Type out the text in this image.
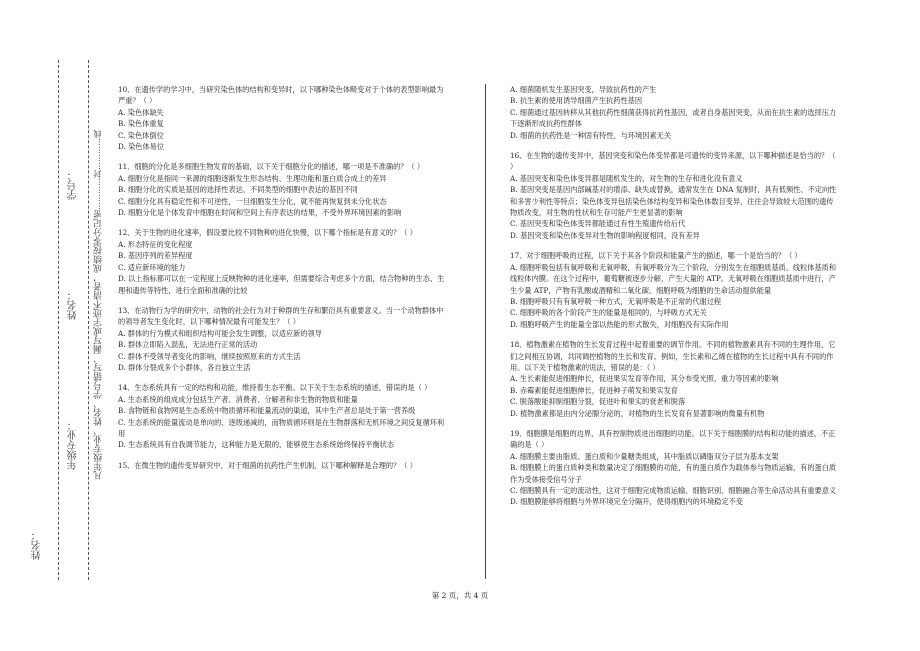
姓名：
年级专业：
姓名：
学号：
凡年级专业、姓名、学号错写、漏写或字迹不清者，成绩按零分记。
密…………封…………线

10、在遗传学的学习中，当研究染色体的结构和变异时，以下哪种染色体畸变对于个体的表型影响最为严重？（ ）

A. 染色体缺失

B. 染色体重复

C. 染色体倒位

D. 染色体易位

11、细胞的分化是多细胞生物发育的基础，以下关于细胞分化的描述，哪一项是不准确的？（ ）

A. 细胞分化是指同一来源的细胞逐渐发生形态结构、生理功能和蛋白质合成上的差异

B. 细胞分化的实质是基因的选择性表达，不同类型的细胞中表达的基因不同

C. 细胞分化具有稳定性和不可逆性，一旦细胞发生分化，就不能再恢复到未分化状态

D. 细胞分化是个体发育中细胞在时间和空间上有序表达的结果，不受外界环境因素的影响

12、关于生物的进化速率，假设要比较不同物种的进化快慢，以下哪个指标是有意义的？（ ）

A. 形态特征的变化程度

B. 基因序列的差异程度

C. 适应新环境的能力

D. 以上指标都可以在一定程度上反映物种的进化速率，但需要综合考虑多个方面，结合物种的生态、生理和遗传等特性，进行全面和准确的比较

13、在动物行为学的研究中，动物的社会行为对于种群的生存和繁衍具有重要意义。当一个动物群体中的领导者发生变化时，以下哪种情况最有可能发生？（ ）

A. 群体的行为模式和组织结构可能会发生调整，以适应新的领导

B. 群体立即陷入混乱，无法进行正常的活动

C. 群体不受领导者变化的影响，继续按照原来的方式生活

D. 群体分裂成多个小群体，各自独立生活

14、生态系统具有一定的结构和功能，维持着生态平衡。以下关于生态系统的描述，错误的是（ ）

A. 生态系统的组成成分包括生产者、消费者、分解者和非生物的物质和能量

B. 食物链和食物网是生态系统中物质循环和能量流动的渠道，其中生产者总是处于第一营养级

C. 生态系统的能量流动是单向的、逐级递减的，而物质循环则是在生物群落和无机环境之间反复循环利用

D. 生态系统具有自我调节能力，这种能力是无限的，能够使生态系统始终保持平衡状态

15、在微生物的遗传变异研究中，对于细菌的抗药性产生机制，以下哪种解释是合理的？（ ）

A. 细菌随机发生基因突变，导致抗药性的产生

B. 抗生素的使用诱导细菌产生抗药性基因

C. 细菌通过基因转移从其他抗药性细菌获得抗药性基因，或者自身基因突变，从而在抗生素的选择压力下逐渐形成抗药性群体

D. 细菌的抗药性是一种固有特性，与环境因素无关

16、在生物的遗传变异中，基因突变和染色体变异都是可遗传的变异来源，以下哪种描述是恰当的？（ ）

A. 基因突变和染色体变异都是随机发生的，对生物的生存和进化没有意义

B. 基因突变是基因内部碱基对的增添、缺失或替换，通常发生在 DNA 复制时，具有低频性、不定向性和多害少利性等特点；染色体变异包括染色体结构变异和染色体数目变异，往往会导致较大范围的遗传物质改变，对生物的性状和生存可能产生更显著的影响

C. 基因突变和染色体变异都能通过有性生殖遗传给后代

D. 基因突变和染色体变异对生物的影响程度相同，没有差异

17、对于细胞呼吸的过程，以下关于其各个阶段和能量产生的描述，哪一个是恰当的？（ ）

A. 细胞呼吸包括有氧呼吸和无氧呼吸，有氧呼吸分为三个阶段，分别发生在细胞质基质、线粒体基质和线粒体内膜。在这个过程中，葡萄糖被逐步分解，产生大量的 ATP。无氧呼吸在细胞质基质中进行，产生少量 ATP，产物有乳酸或酒精和二氧化碳。细胞呼吸为细胞的生命活动提供能量

B. 细胞呼吸只有有氧呼吸一种方式，无氧呼吸是不正常的代谢过程

C. 细胞呼吸的各个阶段产生的能量是相同的，与呼吸方式无关

D. 细胞呼吸产生的能量全部以热能的形式散失，对细胞没有实际作用

18、植物激素在植物的生长发育过程中起着重要的调节作用。不同的植物激素具有不同的生理作用，它们之间相互协调，共同调控植物的生长和发育。例如，生长素和乙烯在植物的生长过程中具有不同的作用。以下关于植物激素的说法，错误的是：（ ）

A. 生长素能促进细胞伸长，促进果实发育等作用，其分布受光照、重力等因素的影响

B. 赤霉素能促进细胞伸长，促进种子萌发和果实发育

C. 脱落酸能抑制细胞分裂，促进叶和果实的衰老和脱落

D. 植物激素都是由内分泌腺分泌的，对植物的生长发育有显著影响的微量有机物

19、细胞膜是细胞的边界，具有控制物质进出细胞的功能。以下关于细胞膜的结构和功能的描述，不正确的是（ ）

A. 细胞膜主要由脂质、蛋白质和少量糖类组成，其中脂质以磷脂双分子层为基本支架

B. 细胞膜上的蛋白质种类和数量决定了细胞膜的功能，有的蛋白质作为载体参与物质运输，有的蛋白质作为受体接受信号分子

C. 细胞膜具有一定的流动性，这对于细胞完成物质运输、细胞识别、细胞融合等生命活动具有重要意义

D. 细胞膜能够将细胞与外界环境完全分隔开，使得细胞内的环境稳定不变

第 2 页，共 4 页
